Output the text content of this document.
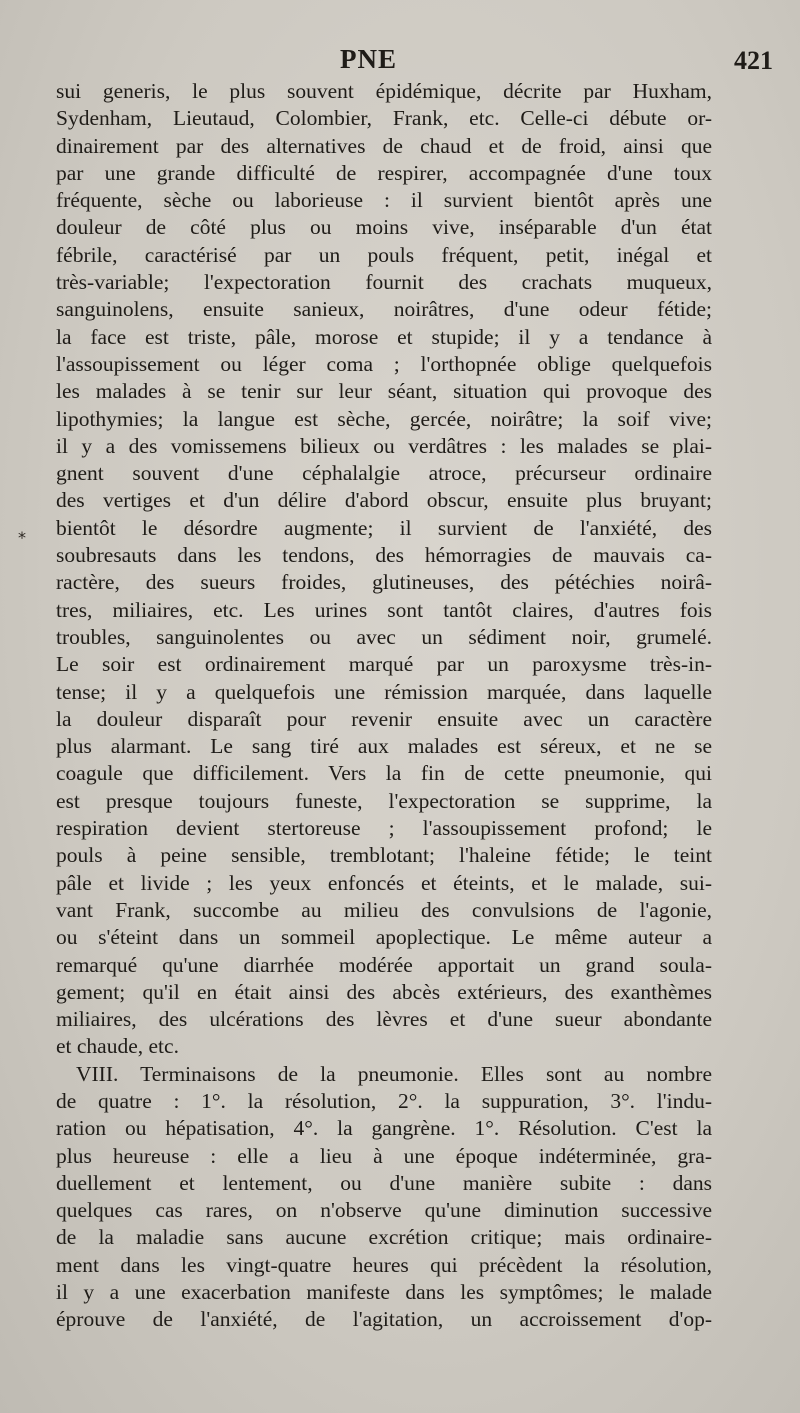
PNE	421
*
sui generis, le plus souvent épidémique, décrite par Huxham,
Sydenham, Lieutaud, Colombier, Frank, etc. Celle-ci débute or-
dinairement par des alternatives de chaud et de froid, ainsi que
par une grande difficulté de respirer, accompagnée d'une toux
fréquente, sèche ou laborieuse : il survient bientôt après une
douleur de côté plus ou moins vive, inséparable d'un état
fébrile, caractérisé par un pouls fréquent, petit, inégal et
très-variable; l'expectoration fournit des crachats muqueux,
sanguinolens, ensuite sanieux, noirâtres, d'une odeur fétide;
la face est triste, pâle, morose et stupide; il y a tendance à
l'assoupissement ou léger coma ; l'orthopnée oblige quelquefois
les malades à se tenir sur leur séant, situation qui provoque des
lipothymies; la langue est sèche, gercée, noirâtre; la soif vive;
il y a des vomissemens bilieux ou verdâtres : les malades se plai-
gnent souvent d'une céphalalgie atroce, précurseur ordinaire
des vertiges et d'un délire d'abord obscur, ensuite plus bruyant;
bientôt le désordre augmente; il survient de l'anxiété, des
soubresauts dans les tendons, des hémorragies de mauvais ca-
ractère, des sueurs froides, glutineuses, des pétéchies noirâ-
tres, miliaires, etc. Les urines sont tantôt claires, d'autres fois
troubles, sanguinolentes ou avec un sédiment noir, grumelé.
Le soir est ordinairement marqué par un paroxysme très-in-
tense; il y a quelquefois une rémission marquée, dans laquelle
la douleur disparaît pour revenir ensuite avec un caractère
plus alarmant. Le sang tiré aux malades est séreux, et ne se
coagule que difficilement. Vers la fin de cette pneumonie, qui
est presque toujours funeste, l'expectoration se supprime, la
respiration devient stertoreuse ; l'assoupissement profond; le
pouls à peine sensible, tremblotant; l'haleine fétide; le teint
pâle et livide ; les yeux enfoncés et éteints, et le malade, sui-
vant Frank, succombe au milieu des convulsions de l'agonie,
ou s'éteint dans un sommeil apoplectique. Le même auteur a
remarqué qu'une diarrhée modérée apportait un grand soula-
gement; qu'il en était ainsi des abcès extérieurs, des exanthèmes
miliaires, des ulcérations des lèvres et d'une sueur abondante
et chaude, etc.
VIII. Terminaisons de la pneumonie. Elles sont au nombre
de quatre : 1°. la résolution, 2°. la suppuration, 3°. l'indu-
ration ou hépatisation, 4°. la gangrène. 1°. Résolution. C'est la
plus heureuse : elle a lieu à une époque indéterminée, gra-
duellement et lentement, ou d'une manière subite : dans
quelques cas rares, on n'observe qu'une diminution successive
de la maladie sans aucune excrétion critique; mais ordinaire-
ment dans les vingt-quatre heures qui précèdent la résolution,
il y a une exacerbation manifeste dans les symptômes; le malade
éprouve de l'anxiété, de l'agitation, un accroissement d'op-
